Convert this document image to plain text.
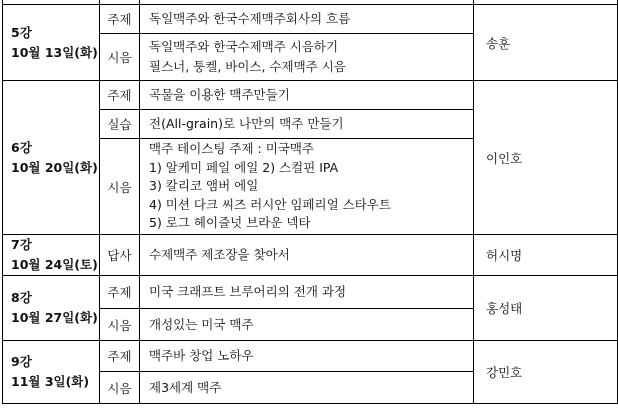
5강
10월 13일(화)	주제	독일맥주와 한국수제맥주회사의 흐름	송훈
	시음	독일맥주와 한국수제맥주 시음하기
필스너, 퉁켈, 바이스, 수제맥주 시음	

6강
10월 20일(화)	주제	곡물을 이용한 맥주만들기	이인호
	실습	전(All-grain)로 나만의 맥주 만들기	

	시음	맥주 테이스팅 주제 : 미국맥주
1) 알케미 페일 에일 2) 스컬핀 IPA
3) 칼리코 앰버 에일
4) 미션 다크 씨즈 러시안 임페리얼 스타우트
5) 로그 헤이즐넛 브라운 넥타	

7강
10월 24일(토)	답사	수제맥주 제조장을 찾아서	허시명

8강
10월 27일(화)	주제	미국 크래프트 브루어리의 전개 과정	홍성태
	시음	개성있는 미국 맥주	

9강
11월 3일(화)	주제	맥주바 창업 노하우	강민호
	시음	제3세계 맥주	
